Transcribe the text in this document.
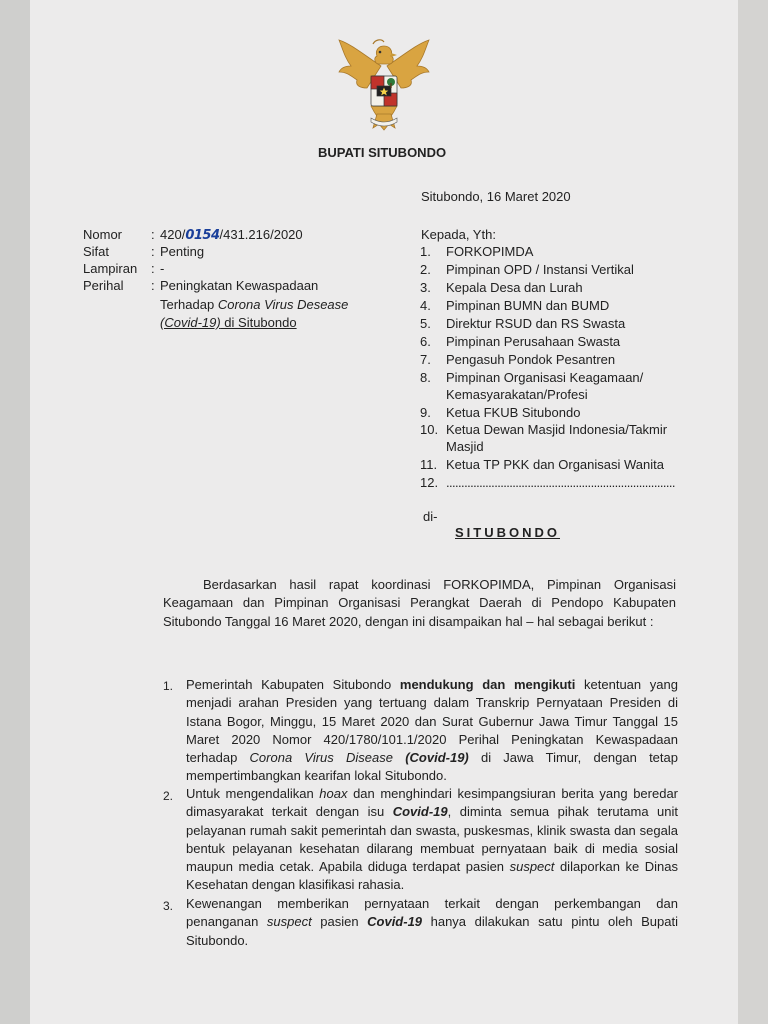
BUPATI SITUBONDO
Situbondo, 16 Maret 2020
Nomor : 420/0154/431.216/2020
Sifat	: Penting
Lampiran : -
Perihal : Peningkatan Kewaspadaan
Terhadap Corona Virus Desease
(Covid-19) di Situbondo
Kepada, Yth:
1.	FORKOPIMDA
2.	Pimpinan OPD / Instansi Vertikal
3.	Kepala Desa dan Lurah
4.	Pimpinan BUMN dan BUMD
5.	Direktur RSUD dan RS Swasta
6.	Pimpinan Perusahaan Swasta
7.	Pengasuh Pondok Pesantren
8.	Pimpinan Organisasi Keagamaan/
Kemasyarakatan/Profesi
9.	Ketua FKUB Situbondo
10. Ketua Dewan Masjid Indonesia/Takmir
Masjid
11. Ketua TP PKK dan Organisasi Wanita
12. ............................................................................
di-
SITUBONDO
Berdasarkan hasil rapat koordinasi FORKOPIMDA, Pimpinan Organisasi Keagamaan dan Pimpinan Organisasi Perangkat Daerah di Pendopo Kabupaten Situbondo Tanggal 16 Maret 2020, dengan ini disampaikan hal – hal sebagai berikut :
1. Pemerintah Kabupaten Situbondo mendukung dan mengikuti ketentuan yang menjadi arahan Presiden yang tertuang dalam Transkrip Pernyataan Presiden di Istana Bogor, Minggu, 15 Maret 2020 dan Surat Gubernur Jawa Timur Tanggal 15 Maret 2020 Nomor 420/1780/101.1/2020 Perihal Peningkatan Kewaspadaan terhadap Corona Virus Disease (Covid-19) di Jawa Timur, dengan tetap mempertimbangkan kearifan lokal Situbondo.
2. Untuk mengendalikan hoax dan menghindari kesimpangsiuran berita yang beredar dimasyarakat terkait dengan isu Covid-19, diminta semua pihak terutama unit pelayanan rumah sakit pemerintah dan swasta, puskesmas, klinik swasta dan segala bentuk pelayanan kesehatan dilarang membuat pernyataan baik di media sosial maupun media cetak. Apabila diduga terdapat pasien suspect dilaporkan ke Dinas Kesehatan dengan klasifikasi rahasia.
3. Kewenangan memberikan pernyataan terkait dengan perkembangan dan penanganan suspect pasien Covid-19 hanya dilakukan satu pintu oleh Bupati Situbondo.
